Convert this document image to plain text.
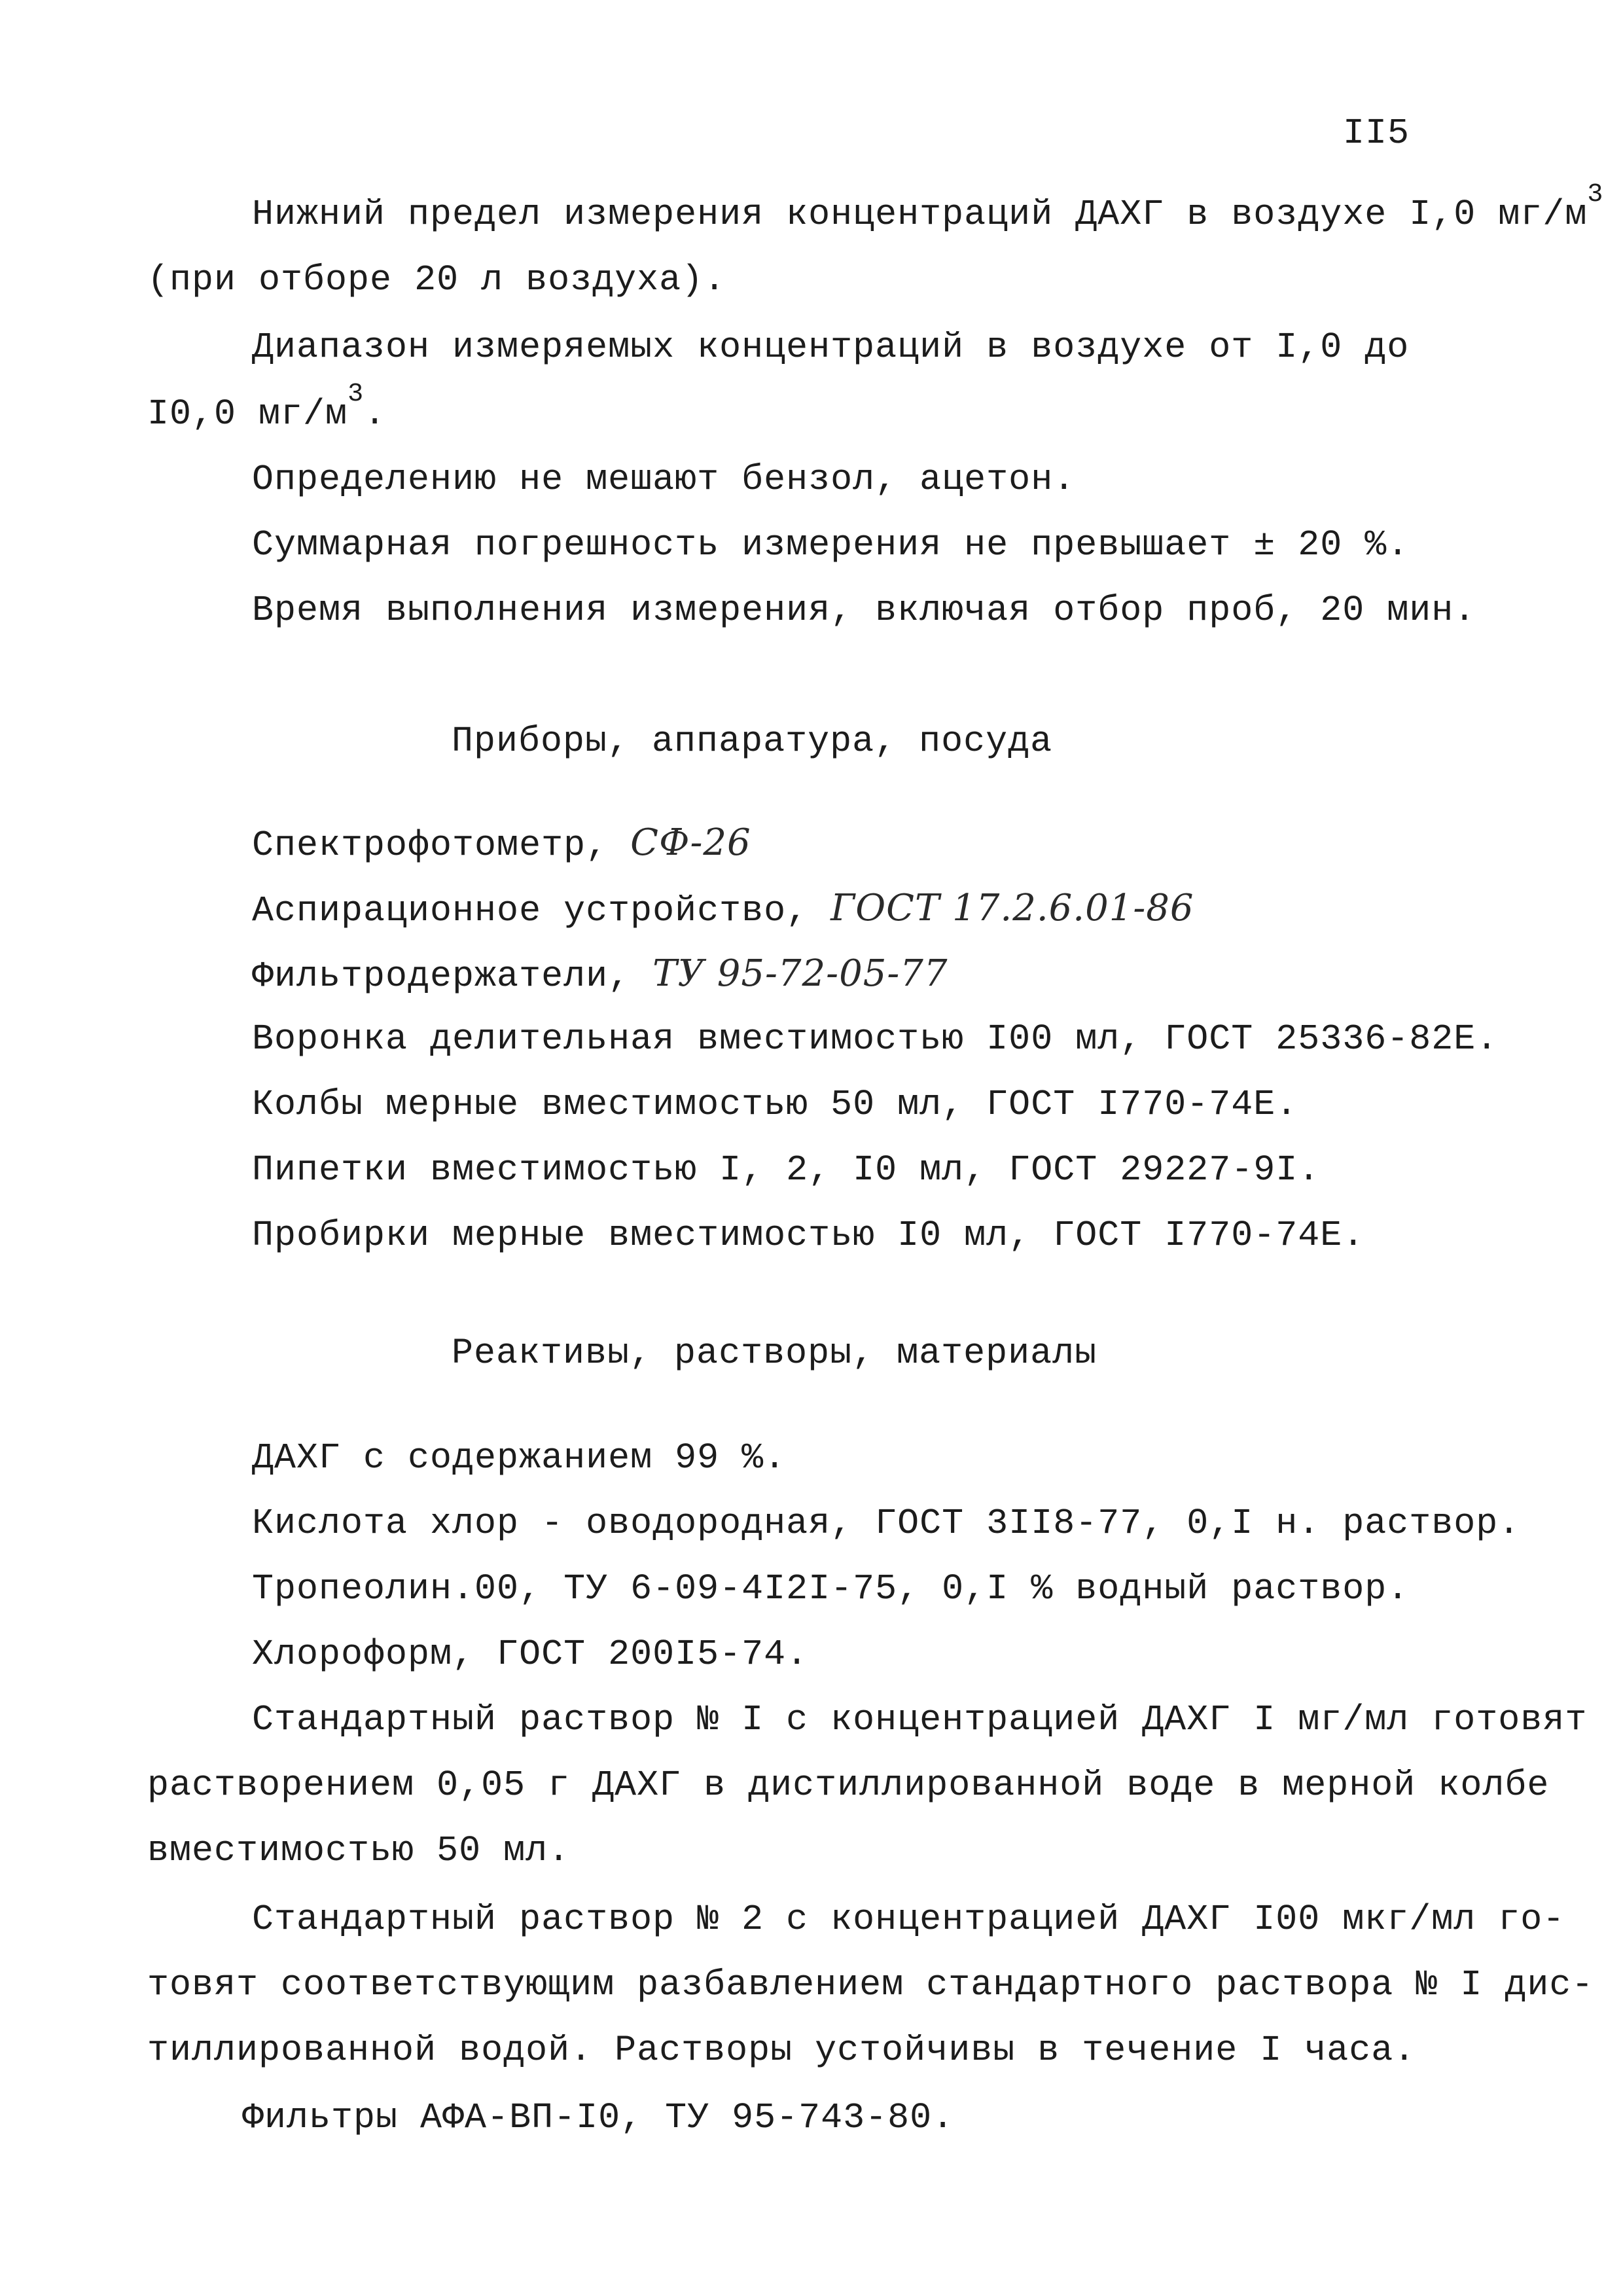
II5
Нижний предел измерения концентраций ДАХГ в воздухе I,0 $мг/м^3$
(при отборе 20 л воздуха).
Диапазон измеряемых концентраций в воздухе от I,0 до
I0,0 $мг/м^3$.
Определению не мешают бензол, ацетон.
Суммарная погрешность измерения не превышает ± 20 %.
Время выполнения измерения, включая отбор проб, 20 мин.
Приборы, аппаратура, посуда
Спектрофотометр, СФ-26
Аспирационное устройство, ГОСТ 17.2.6.01-86
Фильтродержатели, ТУ 95-72-05-77
Воронка делительная вместимостью I00 мл, ГОСТ 25336-82Е.
Колбы мерные вместимостью 50 мл, ГОСТ I770-74Е.
Пипетки вместимостью I, 2, I0 мл, ГОСТ 29227-9I.
Пробирки мерные вместимостью I0 мл, ГОСТ I770-74Е.
Реактивы, растворы, материалы
ДАХГ с содержанием 99 %.
Кислота хлор - оводородная, ГОСТ 3II8-77, 0,I н. раствор.
Тропеолин.00, ТУ 6-09-4I2I-75, 0,I % водный раствор.
Хлороформ, ГОСТ 200I5-74.
Стандартный раствор № I с концентрацией ДАХГ I мг/мл готовят
растворением 0,05 г ДАХГ в дистиллированной воде в мерной колбе
вместимостью 50 мл.
Стандартный раствор № 2 с концентрацией ДАХГ I00 мкг/мл го-
товят соответствующим разбавлением стандартного раствора № I дис-
тиллированной водой. Растворы устойчивы в течение I часа.
Фильтры АФА-ВП-I0, ТУ 95-743-80.
